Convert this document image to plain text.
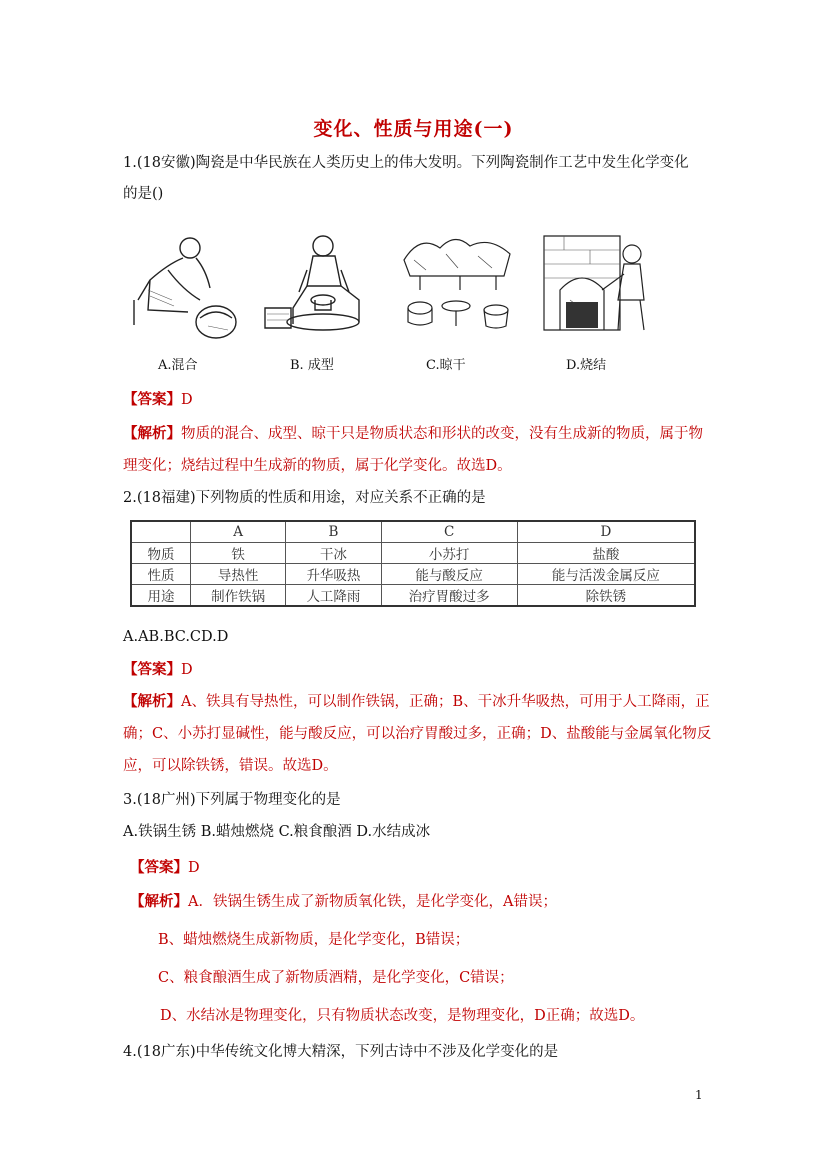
变化、性质与用途(一)
1.(18安徽)陶瓷是中华民族在人类历史上的伟大发明。下列陶瓷制作工艺中发生化学变化
的是()
A.混合	B. 成型	C.晾干	D.烧结
【答案】D
【解析】物质的混合、成型、晾干只是物质状态和形状的改变，没有生成新的物质，属于物
理变化；烧结过程中生成新的物质，属于化学变化。故选D。
2.(18福建)下列物质的性质和用途，对应关系不正确的是
	A	B	C	D
物质	铁	干冰	小苏打	盐酸
性质	导热性	升华吸热	能与酸反应	能与活泼金属反应
用途	制作铁锅	人工降雨	治疗胃酸过多	除铁锈
A.AB.BC.CD.D
【答案】D
【解析】A、铁具有导热性，可以制作铁锅，正确；B、干冰升华吸热，可用于人工降雨，正
确；C、小苏打显碱性，能与酸反应，可以治疗胃酸过多，正确；D、盐酸能与金属氧化物反
应，可以除铁锈，错误。故选D。
3.(18广州)下列属于物理变化的是
A.铁锅生锈 B.蜡烛燃烧 C.粮食酿酒 D.水结成冰
【答案】D
【解析】A．铁锅生锈生成了新物质氧化铁，是化学变化，A错误；
B、蜡烛燃烧生成新物质，是化学变化，B错误；
C、粮食酿酒生成了新物质酒精，是化学变化，C错误；
D、水结冰是物理变化，只有物质状态改变，是物理变化，D正确；故选D。
4.(18广东)中华传统文化博大精深，下列古诗中不涉及化学变化的是
1
